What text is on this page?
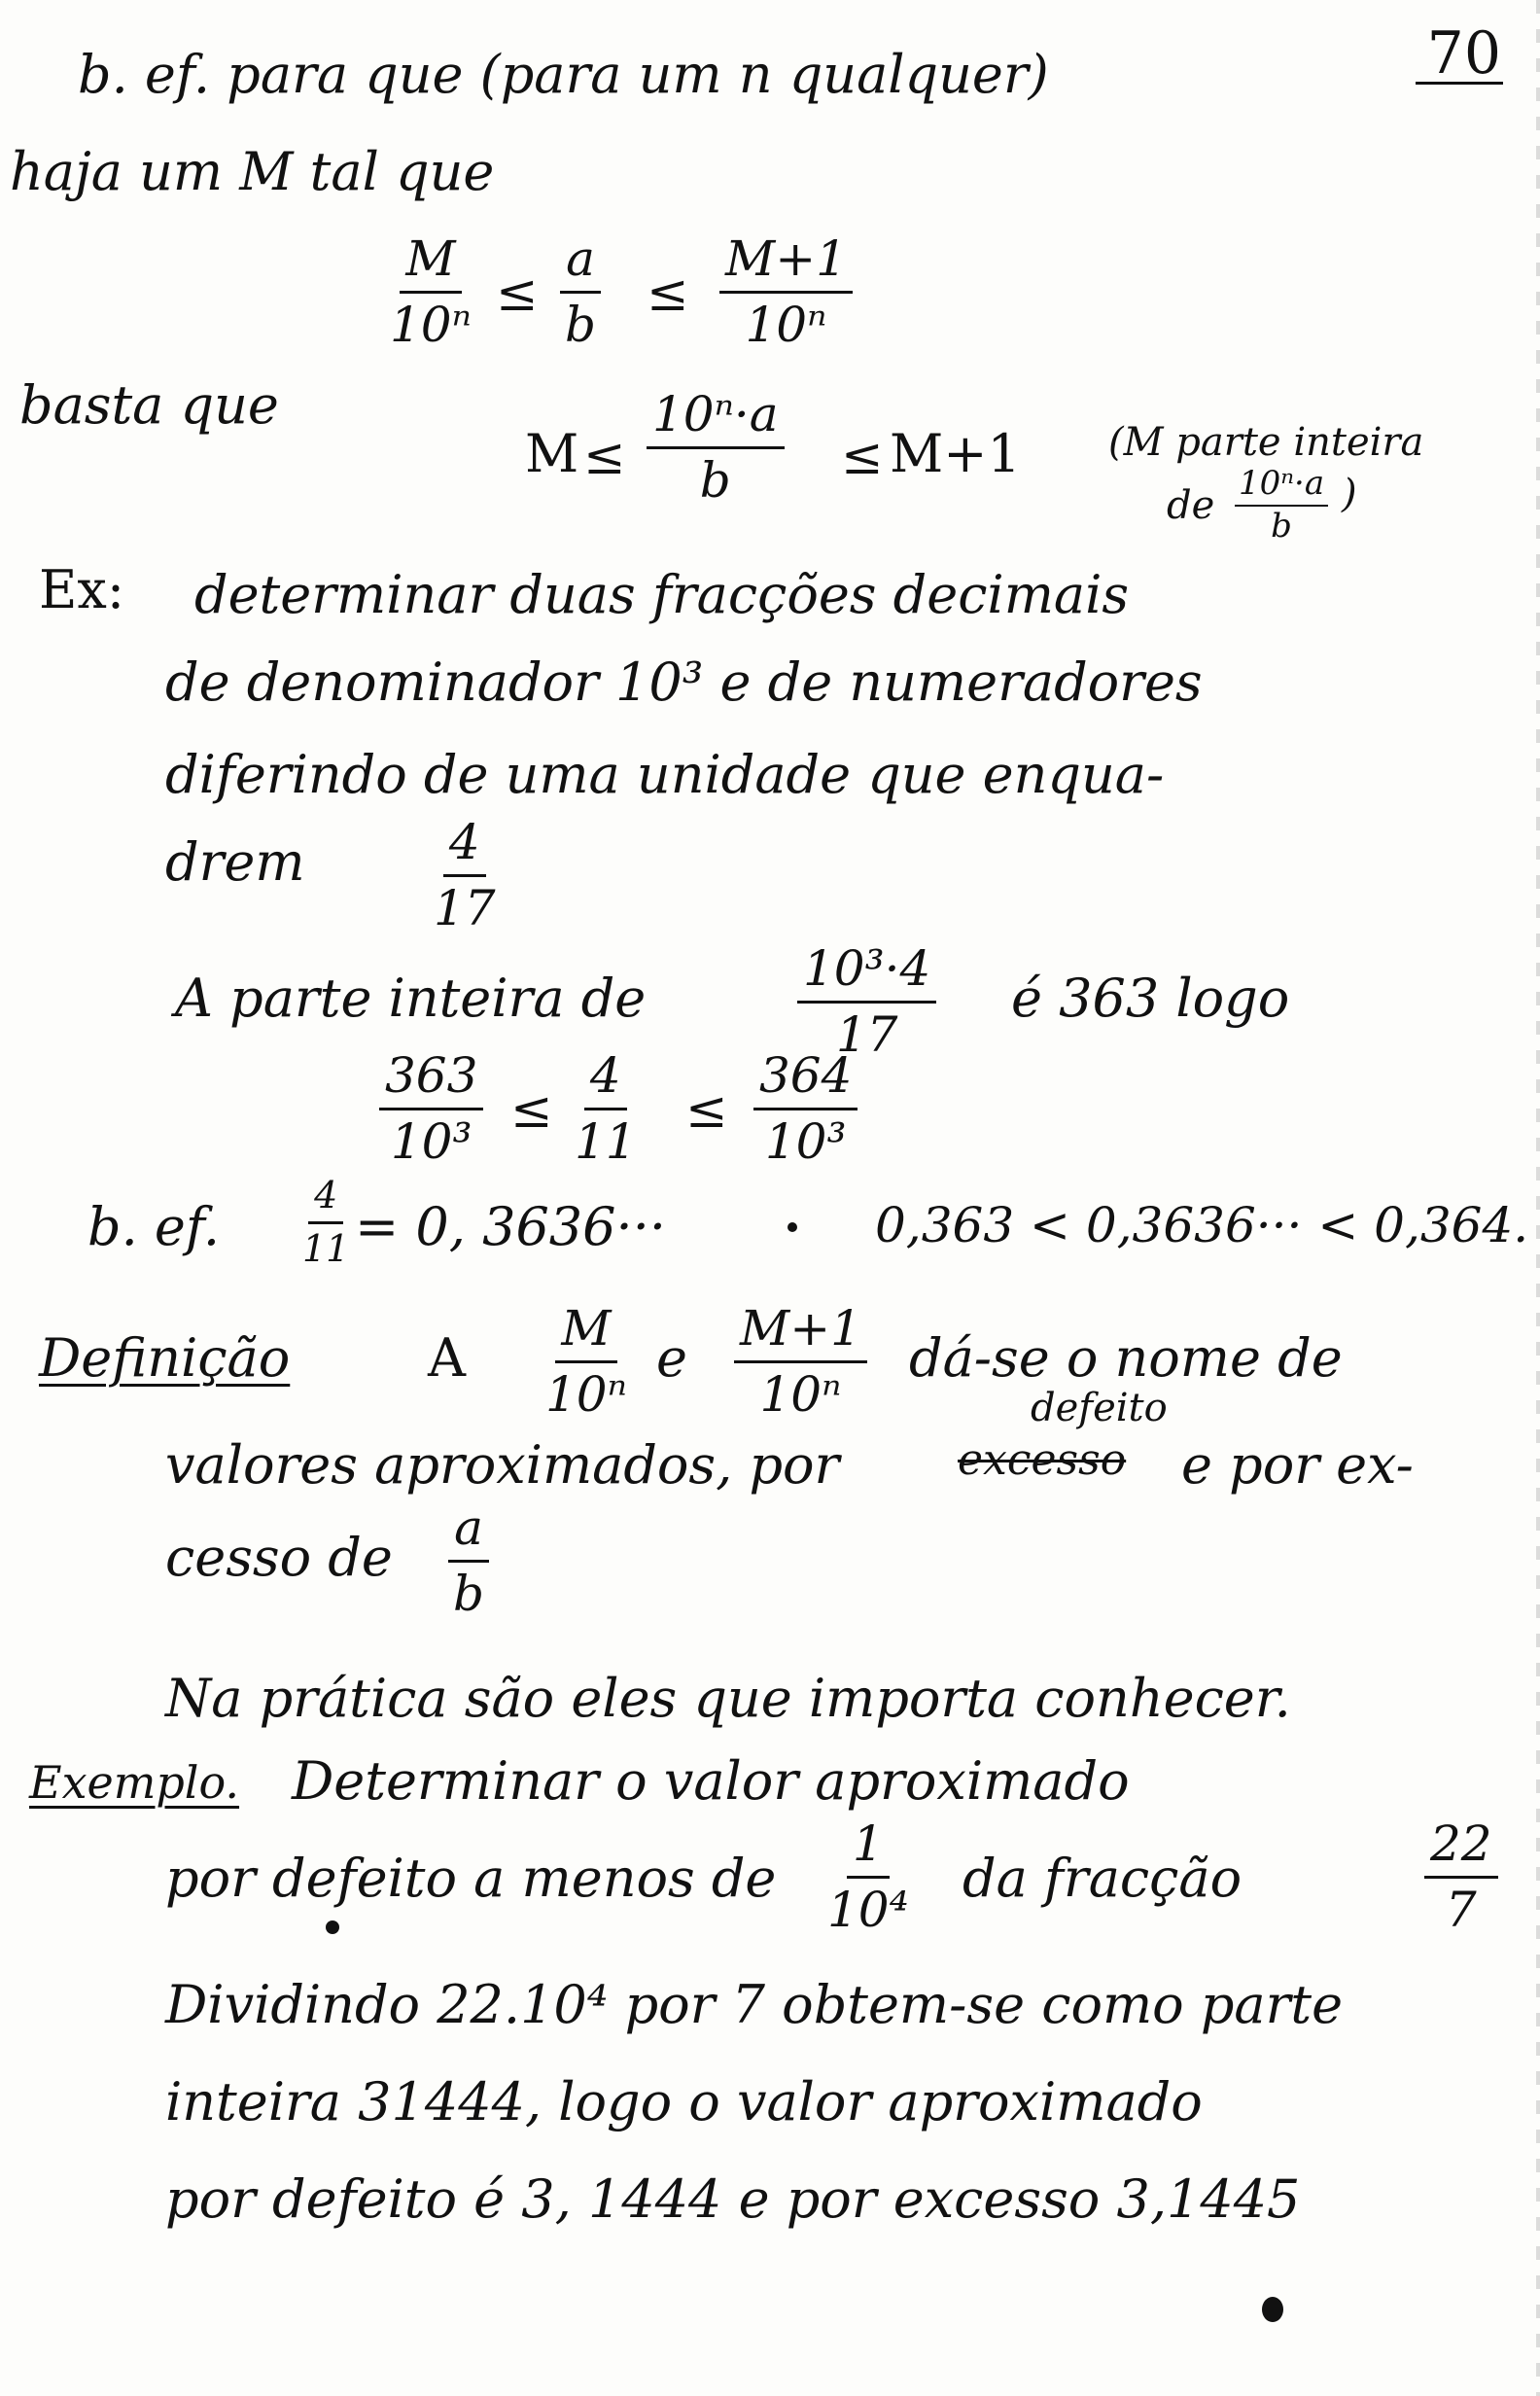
70
b. ef. para que (para um n qualquer)
haja um M tal que
$\frac{M}{\text{10ⁿ}} \le \frac{a}{b} \le \frac{M+1}{\text{10ⁿ}}$
basta que
$M \le \frac{\text{10ⁿ·a}}{b} \le M+1$ (M parte inteira
de $\frac{\text{10ⁿ·a}}{b}$ )
Ex: determinar duas fracções decimais
de denominador 10³ e de numeradores
diferindo de uma unidade que enqua-
drem	$\frac{4}{17}$
A parte inteira de	$\frac{\text{10³·4}}{17}$ é 363 logo
$\frac{363}{\text{10³}} \le \frac{4}{11} \le \frac{364}{\text{10³}}$
b. ef. $\frac{4}{11} = 0$, 3636···	0,363 < 0,3636··· < 0,364.
Definição	A $\frac{M}{\text{10ⁿ}}$ e $\frac{M+1}{\text{10ⁿ}}$ dá-se o nome de
defeito
valores aproximados, por	excesso e por ex-
cesso de $\frac{a}{b}$
Na prática são eles que importa conhecer.
Exemplo. Determinar o valor aproximado
por defeito a menos de $\frac{1}{\text{10⁴}}$ da fracção	$\frac{22}{7}$
Dividindo 22.10⁴ por 7 obtem-se como parte
inteira 31444, logo o valor aproximado
por defeito é 3, 1444 e por excesso 3,1445
